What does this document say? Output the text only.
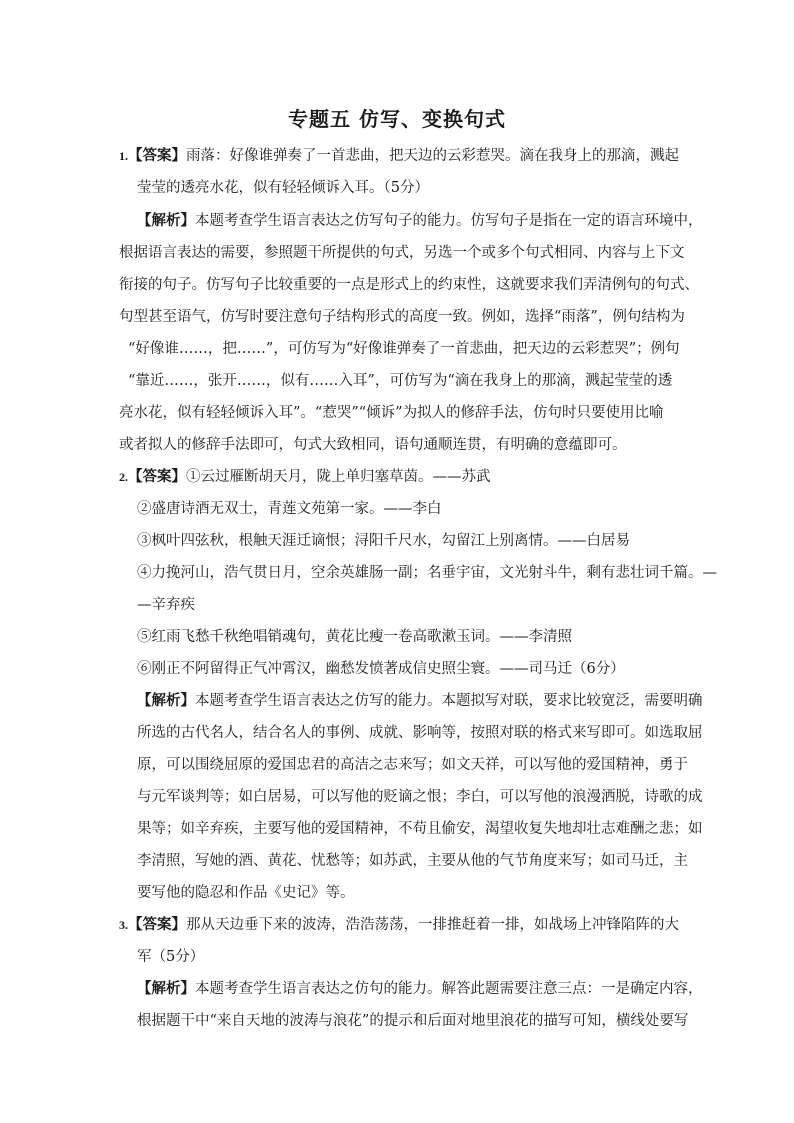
专题五 仿写、变换句式
1.【答案】雨落：好像谁弹奏了一首悲曲，把天边的云彩惹哭。滴在我身上的那滴，溅起
莹莹的透亮水花，似有轻轻倾诉入耳。（5分）
【解析】本题考查学生语言表达之仿写句子的能力。仿写句子是指在一定的语言环境中，
根据语言表达的需要，参照题干所提供的句式，另选一个或多个句式相同、内容与上下文
衔接的句子。仿写句子比较重要的一点是形式上的约束性，这就要求我们弄清例句的句式、
句型甚至语气，仿写时要注意句子结构形式的高度一致。例如，选择“雨落”，例句结构为
“好像谁……，把……”，可仿写为“好像谁弹奏了一首悲曲，把天边的云彩惹哭”；例句
“靠近……，张开……，似有……入耳”，可仿写为“滴在我身上的那滴，溅起莹莹的透
亮水花，似有轻轻倾诉入耳”。“惹哭”“倾诉”为拟人的修辞手法，仿句时只要使用比喻
或者拟人的修辞手法即可，句式大致相同，语句通顺连贯，有明确的意蕴即可。
2.【答案】①云过雁断胡天月，陇上单归塞草茵。——苏武
②盛唐诗酒无双士，青莲文苑第一家。——李白
③枫叶四弦秋，根触天涯迁谪恨；浔阳千尺水，勾留江上别离情。——白居易
④力挽河山，浩气贯日月，空余英雄肠一副；名垂宇宙，文光射斗牛，剩有悲壮词千篇。—
—辛弃疾
⑤红雨飞愁千秋绝唱销魂句，黄花比瘦一卷高歌漱玉词。——李清照
⑥刚正不阿留得正气冲霄汉，幽愁发愤著成信史照尘寰。——司马迁（6分）
【解析】本题考查学生语言表达之仿写的能力。本题拟写对联，要求比较宽泛，需要明确
所选的古代名人，结合名人的事例、成就、影响等，按照对联的格式来写即可。如选取屈
原，可以围绕屈原的爱国忠君的高洁之志来写；如文天祥，可以写他的爱国精神，勇于
与元军谈判等；如白居易，可以写他的贬谪之恨；李白，可以写他的浪漫洒脱，诗歌的成
果等；如辛弃疾，主要写他的爱国精神，不苟且偷安，渴望收复失地却壮志难酬之悲；如
李清照，写她的酒、黄花、忧愁等；如苏武，主要从他的气节角度来写；如司马迁，主
要写他的隐忍和作品《史记》等。
3.【答案】那从天边垂下来的波涛，浩浩荡荡，一排推赶着一排，如战场上冲锋陷阵的大
军（5分）
【解析】本题考查学生语言表达之仿句的能力。解答此题需要注意三点：一是确定内容，
根据题干中“来自天地的波涛与浪花”的提示和后面对地里浪花的描写可知，横线处要写
